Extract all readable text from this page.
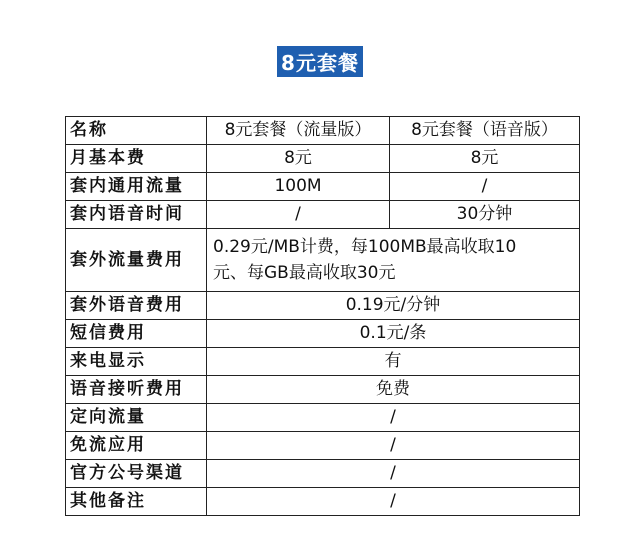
8元套餐
名称	8元套餐（流量版）	8元套餐（语音版）
月基本费	8元	8元
套内通用流量	100M	/
套内语音时间	/	30分钟
套外流量费用	0.29元/MB计费，每100MB最高收取10
元、每GB最高收取30元	

套外语音费用	0.19元/分钟	
短信费用	0.1元/条	
来电显示	有	
语音接听费用	免费	
定向流量	/	
免流应用	/	
官方公号渠道	/	
其他备注	/	
